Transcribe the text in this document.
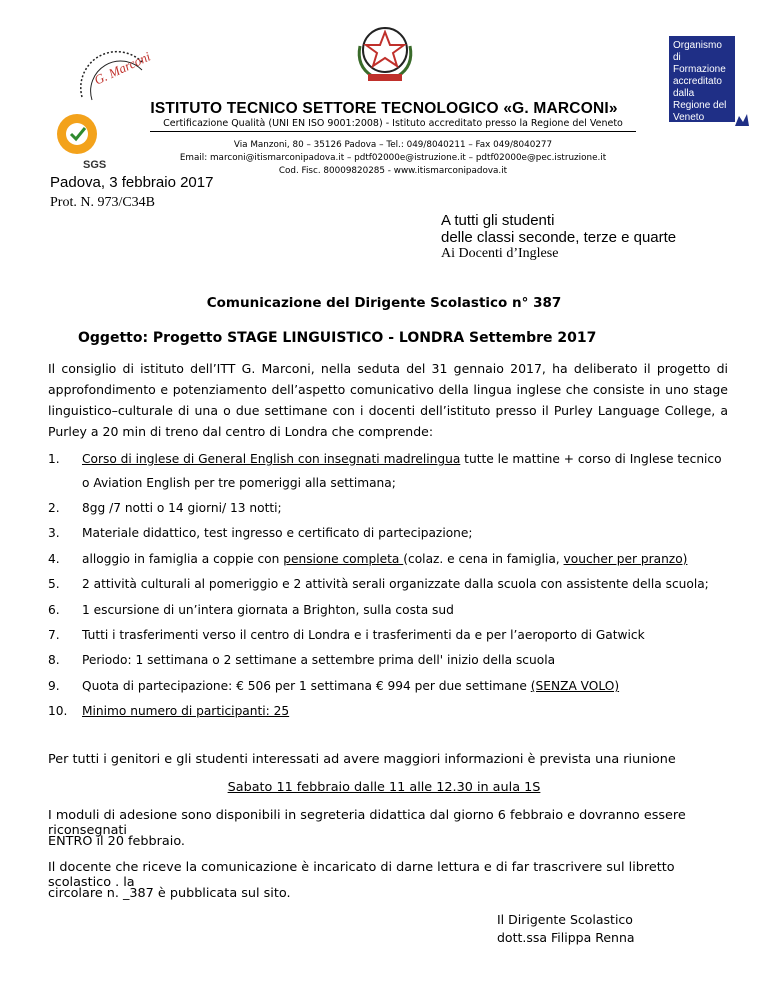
G. Marconi
SGS
Organismo di Formazione accreditato dalla Regione del Veneto
ISTITUTO TECNICO SETTORE TECNOLOGICO «G. MARCONI»
Certificazione Qualità (UNI EN ISO 9001:2008) - Istituto accreditato presso la Regione del Veneto
Via Manzoni, 80 – 35126 Padova – Tel.: 049/8040211 – Fax 049/8040277
Email: marconi@itismarconipadova.it – pdtf02000e@istruzione.it – pdtf02000e@pec.istruzione.it
Cod. Fisc. 80009820285 - www.itismarconipadova.it
Padova, 3 febbraio 2017
Prot. N. 973/C34B
A tutti gli studenti
delle classi seconde, terze e quarte
Ai Docenti d’Inglese
Comunicazione del Dirigente Scolastico n° 387
Oggetto: Progetto STAGE LINGUISTICO - LONDRA Settembre 2017
Il consiglio di istituto dell’ITT G. Marconi, nella seduta del 31 gennaio 2017, ha deliberato il progetto di approfondimento e potenziamento dell’aspetto comunicativo della lingua inglese che consiste in uno stage linguistico–culturale di una o due settimane con i docenti dell’istituto presso il Purley Language College, a Purley a 20 min di treno dal centro di Londra che comprende:
1. Corso di inglese di General English con insegnati madrelingua tutte le mattine + corso di Inglese tecnico
o Aviation English per tre pomeriggi alla settimana;
2. 8gg /7 notti o 14 giorni/ 13 notti;
3. Materiale didattico, test ingresso e certificato di partecipazione;
4. alloggio in famiglia a coppie con pensione completa (colaz. e cena in famiglia, voucher per pranzo)
5. 2 attività culturali al pomeriggio e 2 attività serali organizzate dalla scuola con assistente della scuola;
6. 1 escursione di un’intera giornata a Brighton, sulla costa sud
7. Tutti i trasferimenti verso il centro di Londra e i trasferimenti da e per l’aeroporto di Gatwick
8. Periodo: 1 settimana o 2 settimane a settembre prima dell' inizio della scuola
9. Quota di partecipazione: € 506 per 1 settimana € 994 per due settimane (SENZA VOLO)
10. Minimo numero di participanti: 25
Per tutti i genitori e gli studenti interessati ad avere maggiori informazioni è prevista una riunione
Sabato 11 febbraio dalle 11 alle 12.30 in aula 1S
I moduli di adesione sono disponibili in segreteria didattica dal giorno 6 febbraio e dovranno essere riconsegnati
ENTRO il 20 febbraio.
Il docente che riceve la comunicazione è incaricato di darne lettura e di far trascrivere sul libretto scolastico . la
circolare n. _387 è pubblicata sul sito.
Il Dirigente Scolastico
dott.ssa Filippa Renna
